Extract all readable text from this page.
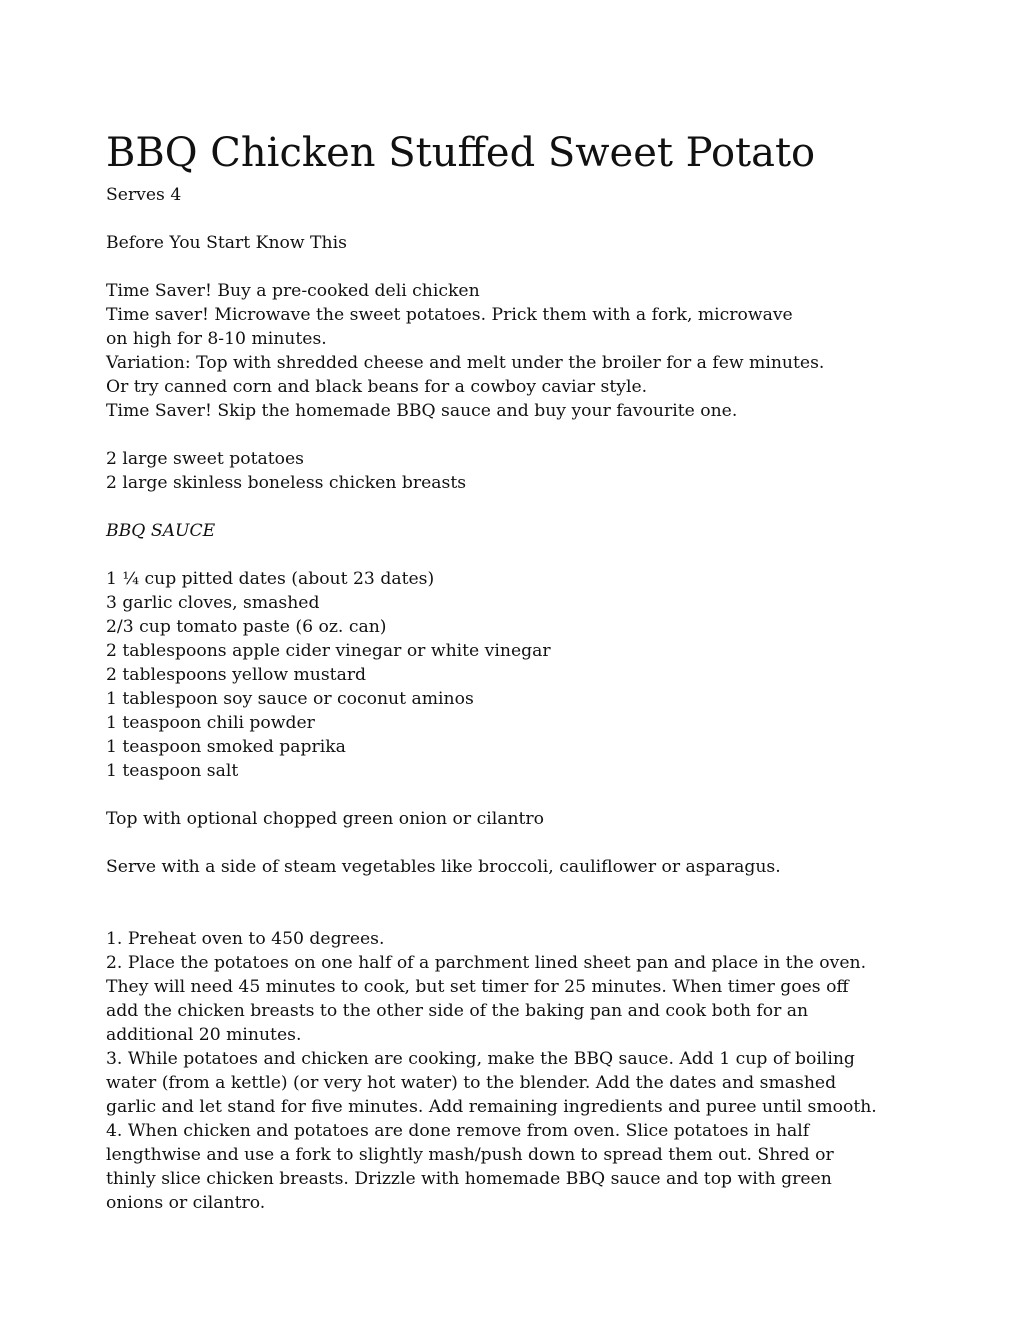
BBQ Chicken Stuffed Sweet Potato
Serves 4
Before You Start Know This
Time Saver! Buy a pre-cooked deli chicken
Time saver! Microwave the sweet potatoes. Prick them with a fork, microwave
on high for 8-10 minutes.
Variation: Top with shredded cheese and melt under the broiler for a few minutes.
Or try canned corn and black beans for a cowboy caviar style.
Time Saver! Skip the homemade BBQ sauce and buy your favourite one.
2 large sweet potatoes
2 large skinless boneless chicken breasts
BBQ SAUCE
1 ¼ cup pitted dates (about 23 dates)
3 garlic cloves, smashed
2/3 cup tomato paste (6 oz. can)
2 tablespoons apple cider vinegar or white vinegar
2 tablespoons yellow mustard
1 tablespoon soy sauce or coconut aminos
1 teaspoon chili powder
1 teaspoon smoked paprika
1 teaspoon salt
Top with optional chopped green onion or cilantro
Serve with a side of steam vegetables like broccoli, cauliflower or asparagus.
1. Preheat oven to 450 degrees.
2. Place the potatoes on one half of a parchment lined sheet pan and place in the oven.
They will need 45 minutes to cook, but set timer for 25 minutes. When timer goes off
add the chicken breasts to the other side of the baking pan and cook both for an
additional 20 minutes.
3. While potatoes and chicken are cooking, make the BBQ sauce. Add 1 cup of boiling
water (from a kettle) (or very hot water) to the blender. Add the dates and smashed
garlic and let stand for five minutes. Add remaining ingredients and puree until smooth.
4. When chicken and potatoes are done remove from oven. Slice potatoes in half
lengthwise and use a fork to slightly mash/push down to spread them out. Shred or
thinly slice chicken breasts. Drizzle with homemade BBQ sauce and top with green
onions or cilantro.
